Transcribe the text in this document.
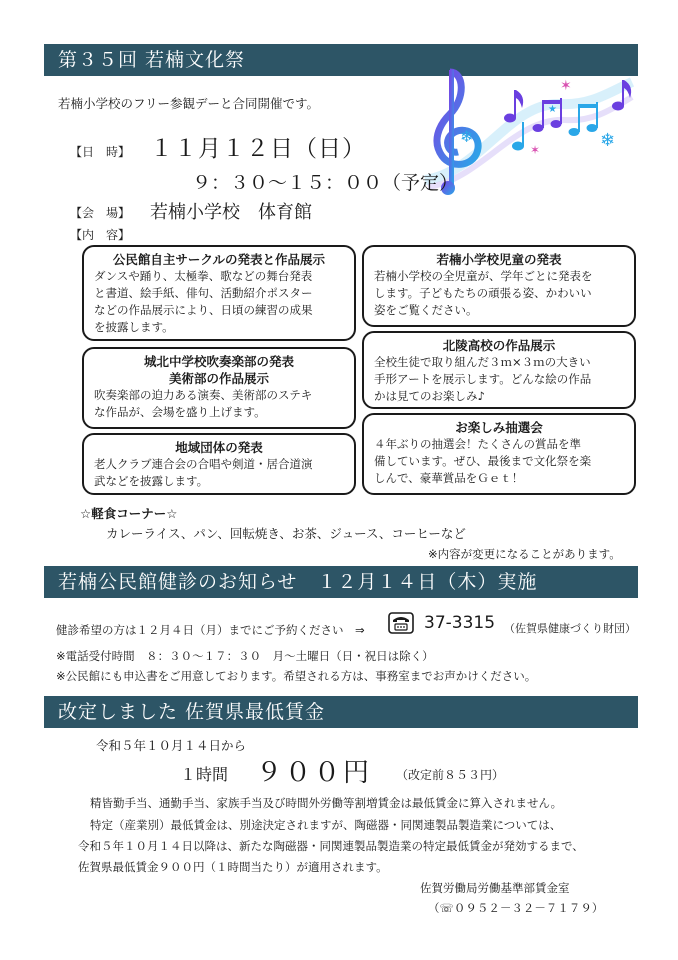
第３５回 若楠文化祭
若楠小学校のフリー参観デーと合同開催です。
✶
✶
❄	❄
★
【日　時】 １１月１２日（日）
９：３０〜１５：００（予定）
【会　場】 若楠小学校　体育館
【内　容】
公民館自主サークルの発表と作品展示
ダンスや踊り、太極拳、歌などの舞台発表
と書道、絵手紙、俳句、活動紹介ポスター
などの作品展示により、日頃の練習の成果
を披露します。
若楠小学校児童の発表
若楠小学校の全児童が、学年ごとに発表を
します。子どもたちの頑張る姿、かわいい
姿をご覧ください。
城北中学校吹奏楽部の発表
美術部の作品展示
吹奏楽部の迫力ある演奏、美術部のステキ
な作品が、会場を盛り上げます。
北陵高校の作品展示
全校生徒で取り組んだ３ｍ×３ｍの大きい
手形アートを展示します。どんな絵の作品
かは見てのお楽しみ♪
地域団体の発表
老人クラブ連合会の合唱や剣道・居合道演
武などを披露します。
お楽しみ抽選会
４年ぶりの抽選会！たくさんの賞品を準
備しています。ぜひ、最後まで文化祭を楽
しんで、豪華賞品をＧｅｔ！
☆軽食コーナー☆
カレーライス、パン、回転焼き、お茶、ジュース、コーヒーなど
※内容が変更になることがあります。
若楠公民館健診のお知らせ　１２月１４日（木）実施
健診希望の方は１２月４日（月）までにご予約ください　⇒	37-3315 （佐賀県健康づくり財団）
※電話受付時間　８：３０〜１７：３０　月〜土曜日（日・祝日は除く）
※公民館にも申込書をご用意しております。希望される方は、事務室までお声かけください。
改定しました 佐賀県最低賃金
令和５年１０月１４日から
１時間 ９００円 （改定前８５３円）
精皆勤手当、通勤手当、家族手当及び時間外労働等割増賃金は最低賃金に算入されません。
特定（産業別）最低賃金は、別途決定されますが、陶磁器・同関連製品製造業については、
令和５年１０月１４日以降は、新たな陶磁器・同関連製品製造業の特定最低賃金が発効するまで、
佐賀県最低賃金９００円（１時間当たり）が適用されます。
佐賀労働局労働基準部賃金室
（☏０９５２－３２－７１７９）
